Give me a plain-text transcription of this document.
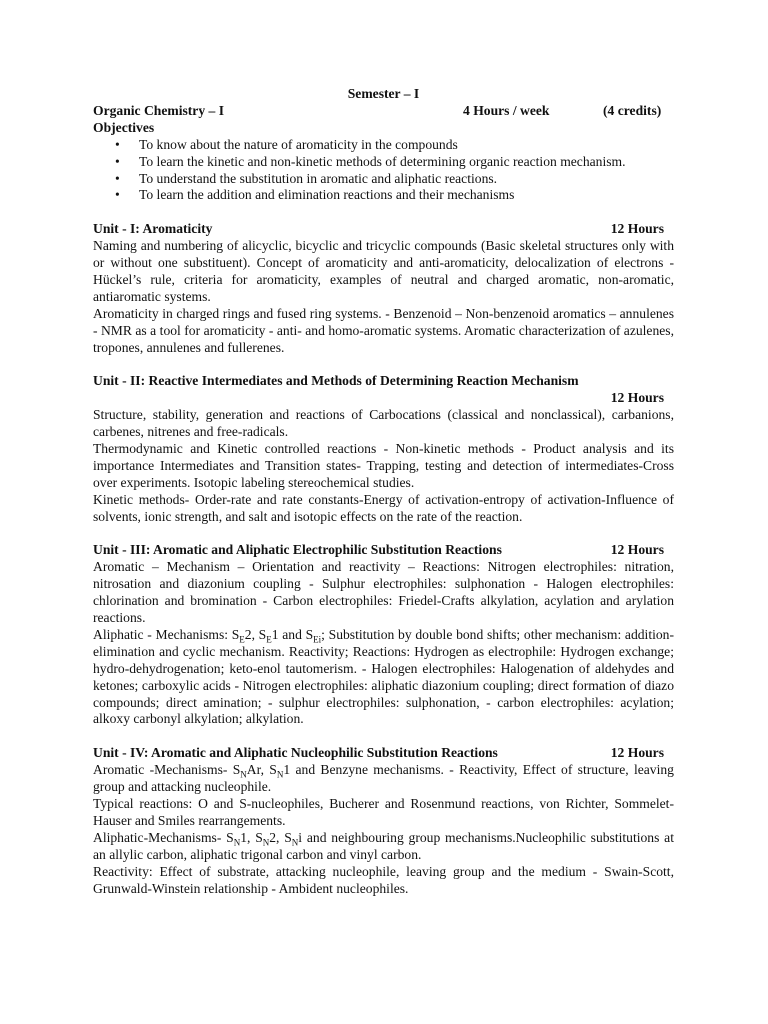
Semester – I
Organic Chemistry – I	4 Hours / week	(4 credits)
Objectives
• To know about the nature of aromaticity in the compounds
• To learn the kinetic and non-kinetic methods of determining organic reaction mechanism.
• To understand the substitution in aromatic and aliphatic reactions.
• To learn the addition and elimination reactions and their mechanisms
Unit - I: Aromaticity	12 Hours

Naming and numbering of alicyclic, bicyclic and tricyclic compounds (Basic skeletal structures only with or without one substituent). Concept of aromaticity and anti-aromaticity, delocalization of electrons - Hückel’s rule, criteria for aromaticity, examples of neutral and charged aromatic, non-aromatic, antiaromatic systems.

Aromaticity in charged rings and fused ring systems. - Benzenoid – Non-benzenoid aromatics – annulenes - NMR as a tool for aromaticity - anti- and homo-aromatic systems. Aromatic characterization of azulenes, tropones, annulenes and fullerenes.

Unit - II: Reactive Intermediates and Methods of Determining Reaction Mechanism
12 Hours

Structure, stability, generation and reactions of Carbocations (classical and nonclassical), carbanions, carbenes, nitrenes and free-radicals.

Thermodynamic and Kinetic controlled reactions - Non-kinetic methods - Product analysis and its importance Intermediates and Transition states- Trapping, testing and detection of intermediates-Cross over experiments. Isotopic labeling stereochemical studies.

Kinetic methods- Order-rate and rate constants-Energy of activation-entropy of activation-Influence of solvents, ionic strength, and salt and isotopic effects on the rate of the reaction.

Unit - III: Aromatic and Aliphatic Electrophilic Substitution Reactions	12 Hours

Aromatic – Mechanism – Orientation and reactivity – Reactions: Nitrogen electrophiles: nitration, nitrosation and diazonium coupling - Sulphur electrophiles: sulphonation - Halogen electrophiles: chlorination and bromination - Carbon electrophiles: Friedel-Crafts alkylation, acylation and arylation reactions.

Aliphatic - Mechanisms: $S_E2$, $S_E1$ and $S_{Ei}$; Substitution by double bond shifts; other mechanism: addition-elimination and cyclic mechanism. Reactivity; Reactions: Hydrogen as electrophile: Hydrogen exchange; hydro-dehydrogenation; keto-enol tautomerism. - Halogen electrophiles: Halogenation of aldehydes and ketones; carboxylic acids - Nitrogen electrophiles: aliphatic diazonium coupling; direct formation of diazo compounds; direct amination; - sulphur electrophiles: sulphonation, - carbon electrophiles: acylation; alkoxy carbonyl alkylation; alkylation.

Unit - IV: Aromatic and Aliphatic Nucleophilic Substitution Reactions	12 Hours

Aromatic -Mechanisms- $S_NAr$, $S_N1$ and Benzyne mechanisms. - Reactivity, Effect of structure, leaving group and attacking nucleophile.

Typical reactions: O and S-nucleophiles, Bucherer and Rosenmund reactions, von Richter, Sommelet-Hauser and Smiles rearrangements.

Aliphatic-Mechanisms- $S_N1$, $S_N2$, $S_Ni$ and neighbouring group mechanisms.Nucleophilic substitutions at an allylic carbon, aliphatic trigonal carbon and vinyl carbon.

Reactivity: Effect of substrate, attacking nucleophile, leaving group and the medium - Swain-Scott, Grunwald-Winstein relationship - Ambident nucleophiles.
